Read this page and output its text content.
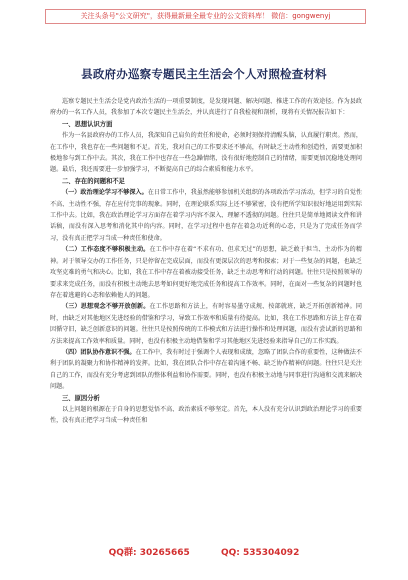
关注头条号"公文研究"，获得最新最全最专业的公文资料库！ 微信：gongwenyj
县政府办巡察专题民主生活会个人对照检查材料

巡察专题民主生活会是党内政治生活的一项重要制度，是发现问题、解决问题、推进工作的有效途径。作为县政府办的一名工作人员，我参加了本次专题民主生活会，并认真进行了自我检视和剖析，现将有关情况报告如下：

一、思想认识方面

作为一名县政府办的工作人员，我深知自己肩负的责任和使命，必须时刻保持清醒头脑，认真履行职责。然而，在工作中，我也存在一些问题和不足。首先，我对自己的工作要求还不够高，有时缺乏主动性和创造性，需要更加积极地参与到工作中去。其次，我在工作中也存在一些急躁情绪，没有很好地控制自己的情绪，需要更加沉稳地处理问题。最后，我还需要进一步加强学习，不断提高自己的综合素质和能力水平。

二、存在的问题和不足

（一）政治理论学习不够深入。在日常工作中，我虽然能够参加机关组织的各项政治学习活动，但学习的自觉性不高、主动性不强，存在应付完事的现象。同时，在理论联系实际上还不够紧密，没有把所学知识很好地运用到实际工作中去。比如，我在政治理论学习方面存在着学习内容不深入、理解不透彻的问题。往往只是简单地阅读文件和讲话稿，而没有深入思考和消化其中的内容。同时，在学习过程中也存在着急功近利的心态，只是为了完成任务而学习，没有真正把学习当成一种责任和使命。

（二）工作态度不够积极主动。在工作中存在着“不求有功、但求无过”的思想，缺乏敢于担当、主动作为的精神。对于领导交办的工作任务，只是停留在完成层面，而没有更深层次的思考和探索；对于一些复杂的问题，也缺乏攻坚克难的勇气和决心。比如，我在工作中存在着被动接受任务，缺乏主动思考和行动的问题。往往只是按照领导的要求来完成任务，而没有积极主动地去思考如何更好地完成任务和提高工作效率。同时，在面对一些复杂的问题时也存在着逃避的心态和依赖他人的问题。

（三）思想观念不够开放创新。在工作思路和方法上，有时容易墨守成规、按部就班，缺乏开拓创新精神。同时，由缺乏对其他地区先进经验的借鉴和学习，导致工作效率和质量有待提高。比如，我在工作思路和方法上存在着因循守旧，缺乏创新意识的问题。往往只是按照传统的工作模式和方法进行操作和处理问题，而没有尝试新的思路和方法来提高工作效率和质量。同时，也没有积极主动地借鉴和学习其他地区先进经验来指导自己的工作实践。

（四）团队协作意识不强。在工作中，我有时过于强调个人表现和成绩，忽略了团队合作的重要性，这种做法不利于团队的凝聚力和协作精神的发挥。比如，我在团队合作中存在着沟通不畅、缺乏协作精神的问题。往往只是关注自己的工作，而没有充分考虑到团队的整体利益和协作需要。同时，也没有积极主动地与同事进行沟通和交流来解决问题。

三、原因分析

以上问题的根源在于自身的思想觉悟不高、政治素质不够坚定。首先，本人没有充分认识到政治理论学习的重要性，没有真正把学习当成一种责任和

QQ群: 30265665	QQ: 535304092
